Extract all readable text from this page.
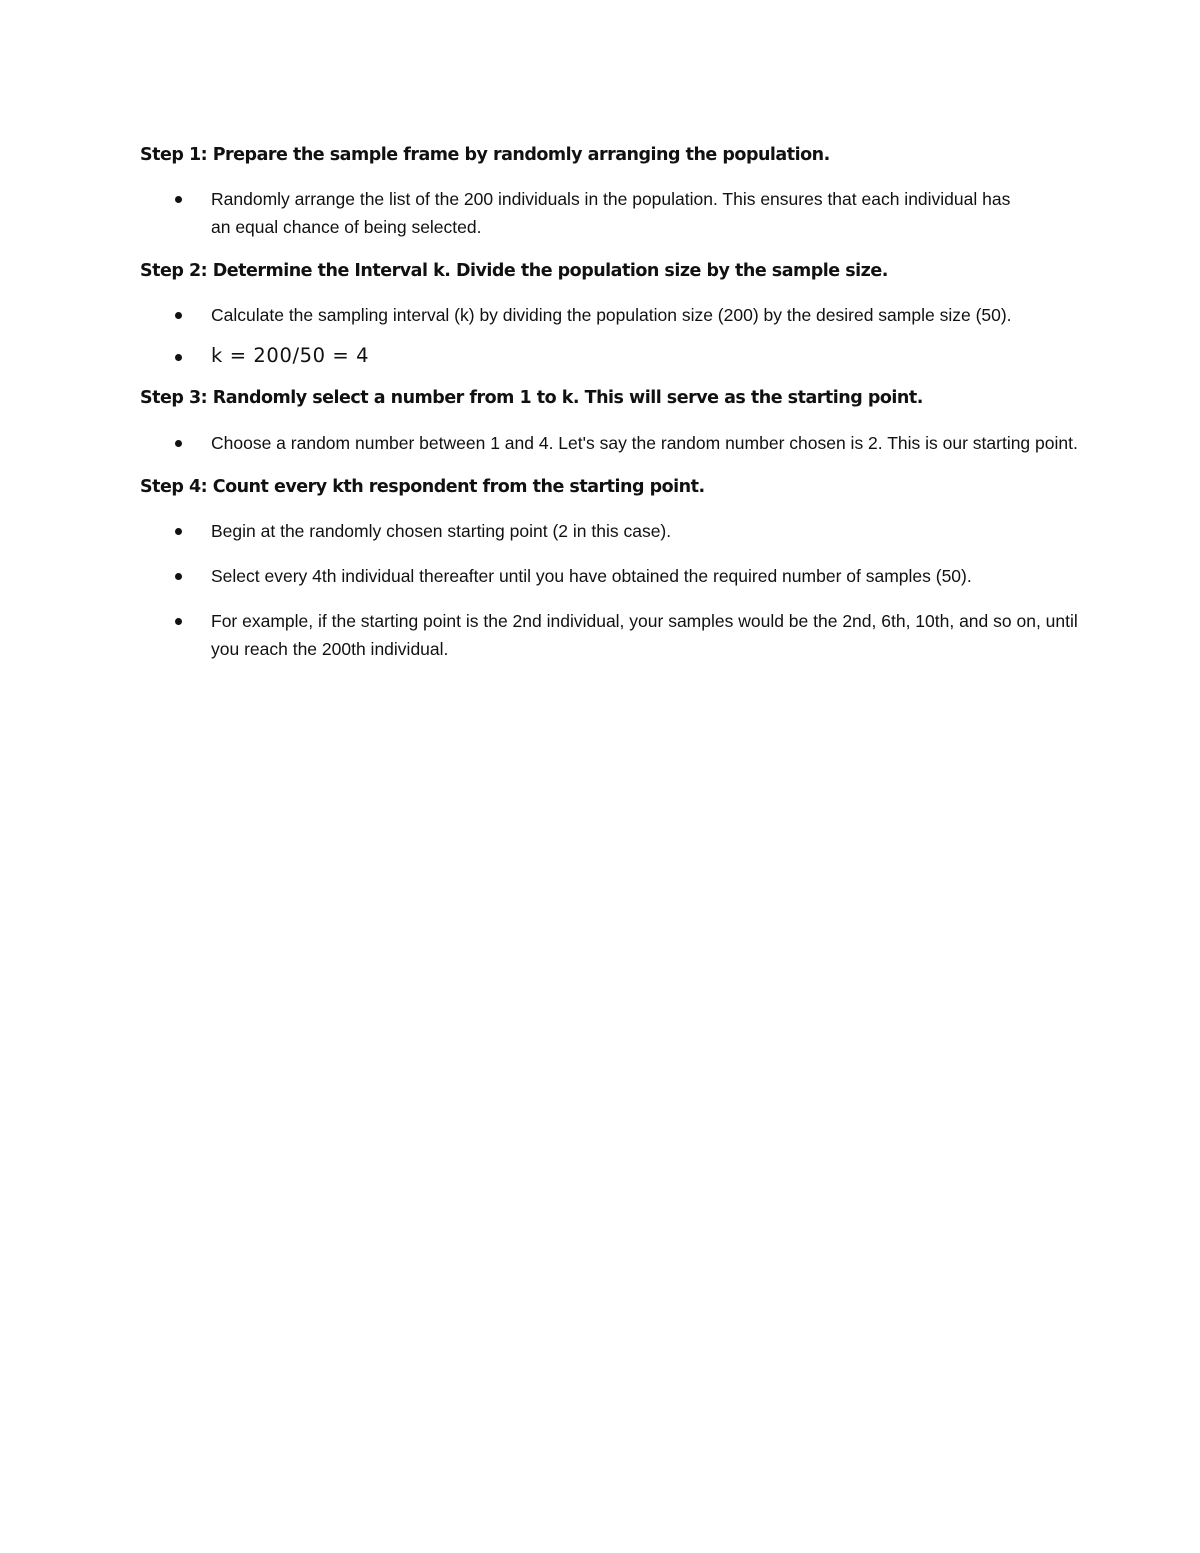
Step 1: Prepare the sample frame by randomly arranging the population.
Randomly arrange the list of the 200 individuals in the population. This ensures that each individual has an equal chance of being selected.
Step 2: Determine the Interval k. Divide the population size by the sample size.
Calculate the sampling interval (k) by dividing the population size (200) by the desired sample size (50).
k = 200/50 = 4
Step 3: Randomly select a number from 1 to k. This will serve as the starting point.
Choose a random number between 1 and 4. Let's say the random number chosen is 2. This is our starting point.
Step 4: Count every kth respondent from the starting point.
Begin at the randomly chosen starting point (2 in this case).
Select every 4th individual thereafter until you have obtained the required number of samples (50).
For example, if the starting point is the 2nd individual, your samples would be the 2nd, 6th, 10th, and so on, until you reach the 200th individual.
